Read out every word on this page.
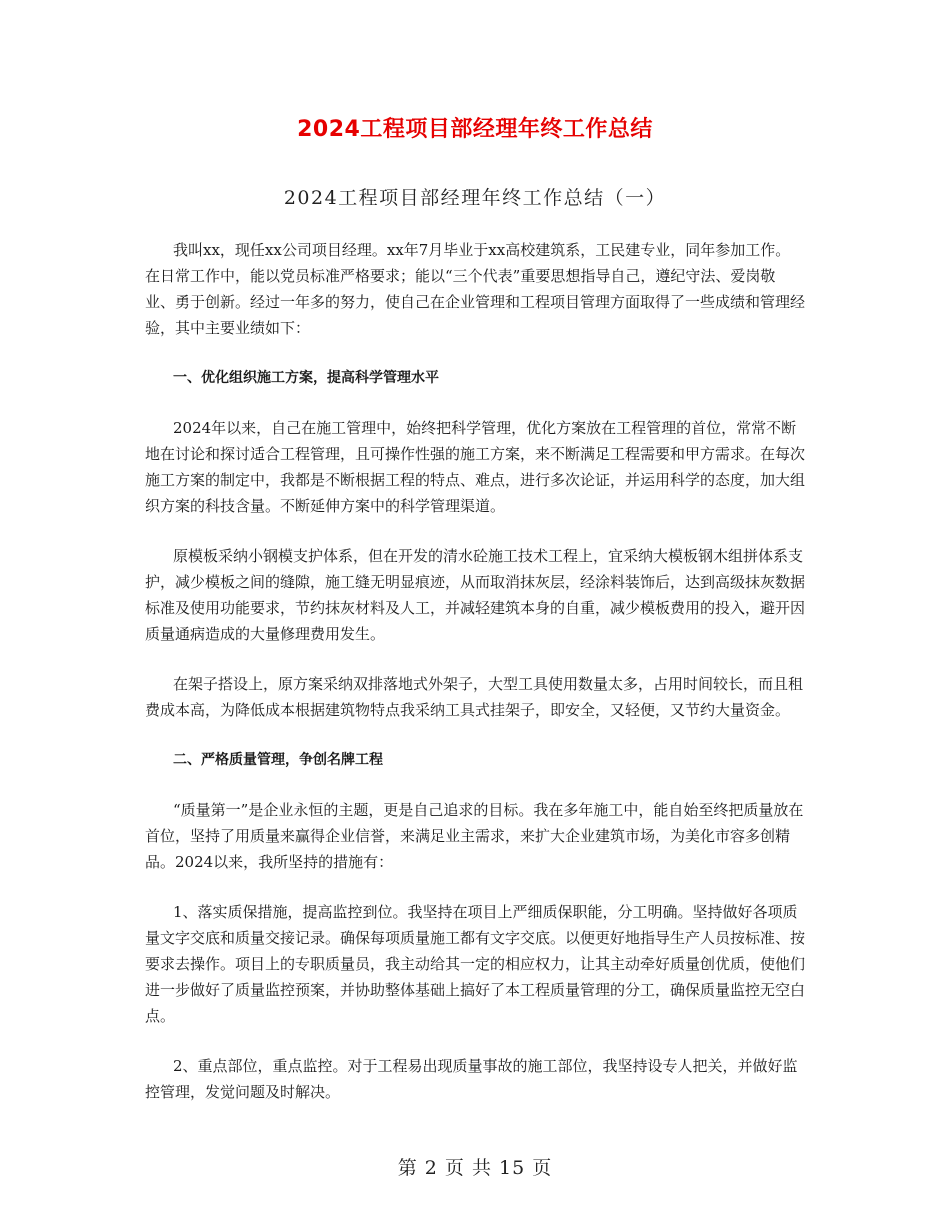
2024工程项目部经理年终工作总结
2024工程项目部经理年终工作总结（一）

我叫xx，现任xx公司项目经理。xx年7月毕业于xx高校建筑系，工民建专业，同年参加工作。在日常工作中，能以党员标准严格要求；能以“三个代表”重要思想指导自己，遵纪守法、爱岗敬业、勇于创新。经过一年多的努力，使自己在企业管理和工程项目管理方面取得了一些成绩和管理经验，其中主要业绩如下：

一、优化组织施工方案，提高科学管理水平

2024年以来，自己在施工管理中，始终把科学管理，优化方案放在工程管理的首位，常常不断地在讨论和探讨适合工程管理，且可操作性强的施工方案，来不断满足工程需要和甲方需求。在每次施工方案的制定中，我都是不断根据工程的特点、难点，进行多次论证，并运用科学的态度，加大组织方案的科技含量。不断延伸方案中的科学管理渠道。

原模板采纳小钢模支护体系，但在开发的清水砼施工技术工程上，宜采纳大模板钢木组拼体系支护，减少模板之间的缝隙，施工缝无明显痕迹，从而取消抹灰层，经涂料装饰后，达到高级抹灰数据标准及使用功能要求，节约抹灰材料及人工，并减轻建筑本身的自重，减少模板费用的投入，避开因质量通病造成的大量修理费用发生。

在架子搭设上，原方案采纳双排落地式外架子，大型工具使用数量太多，占用时间较长，而且租费成本高，为降低成本根据建筑物特点我采纳工具式挂架子，即安全，又轻便，又节约大量资金。

二、严格质量管理，争创名牌工程

“质量第一”是企业永恒的主题，更是自己追求的目标。我在多年施工中，能自始至终把质量放在首位，坚持了用质量来赢得企业信誉，来满足业主需求，来扩大企业建筑市场，为美化市容多创精品。2024以来，我所坚持的措施有：

1、落实质保措施，提高监控到位。我坚持在项目上严细质保职能，分工明确。坚持做好各项质量文字交底和质量交接记录。确保每项质量施工都有文字交底。以便更好地指导生产人员按标准、按要求去操作。项目上的专职质量员，我主动给其一定的相应权力，让其主动牵好质量创优质，使他们进一步做好了质量监控预案，并协助整体基础上搞好了本工程质量管理的分工，确保质量监控无空白点。

2、重点部位，重点监控。对于工程易出现质量事故的施工部位，我坚持设专人把关，并做好监控管理，发觉问题及时解决。

第 2 页 共 15 页
